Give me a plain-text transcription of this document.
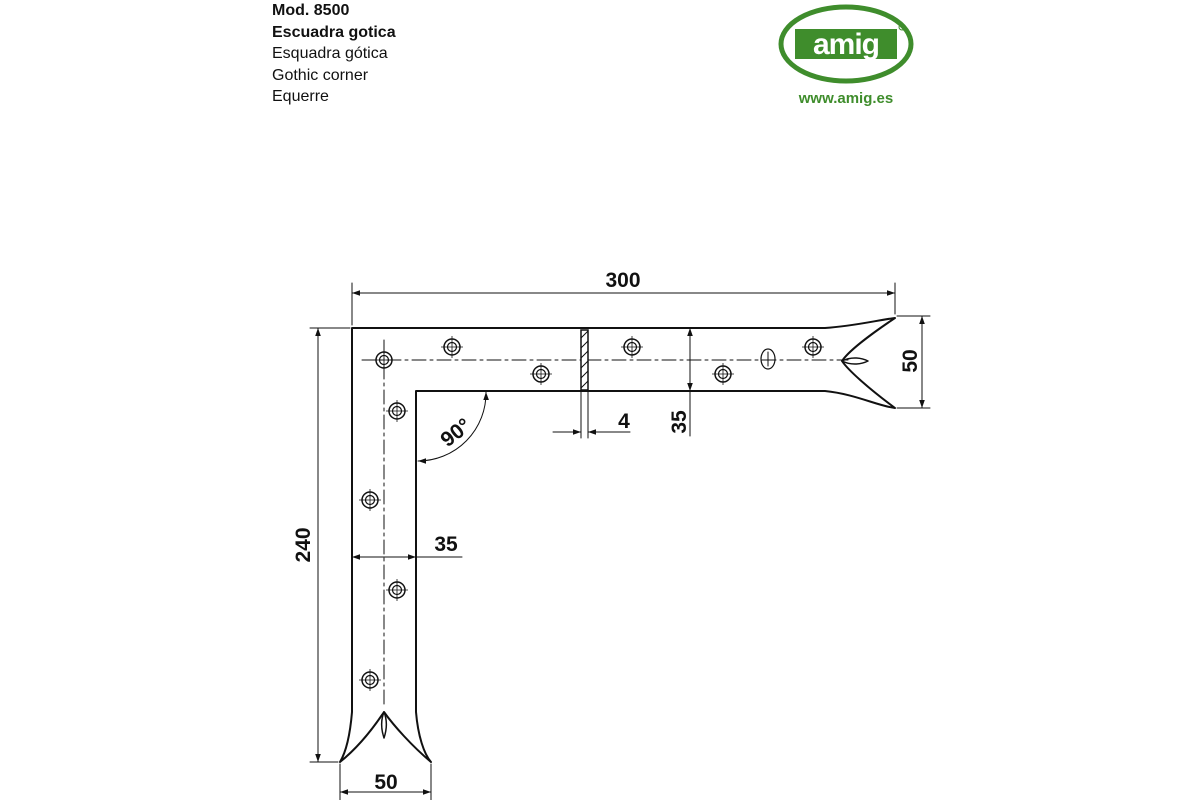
Mod. 8500
Escuadra gotica
Esquadra gótica
Gothic corner
Equerre
amig
www.amig.es
300
50
35
4
90°
240	35
50
